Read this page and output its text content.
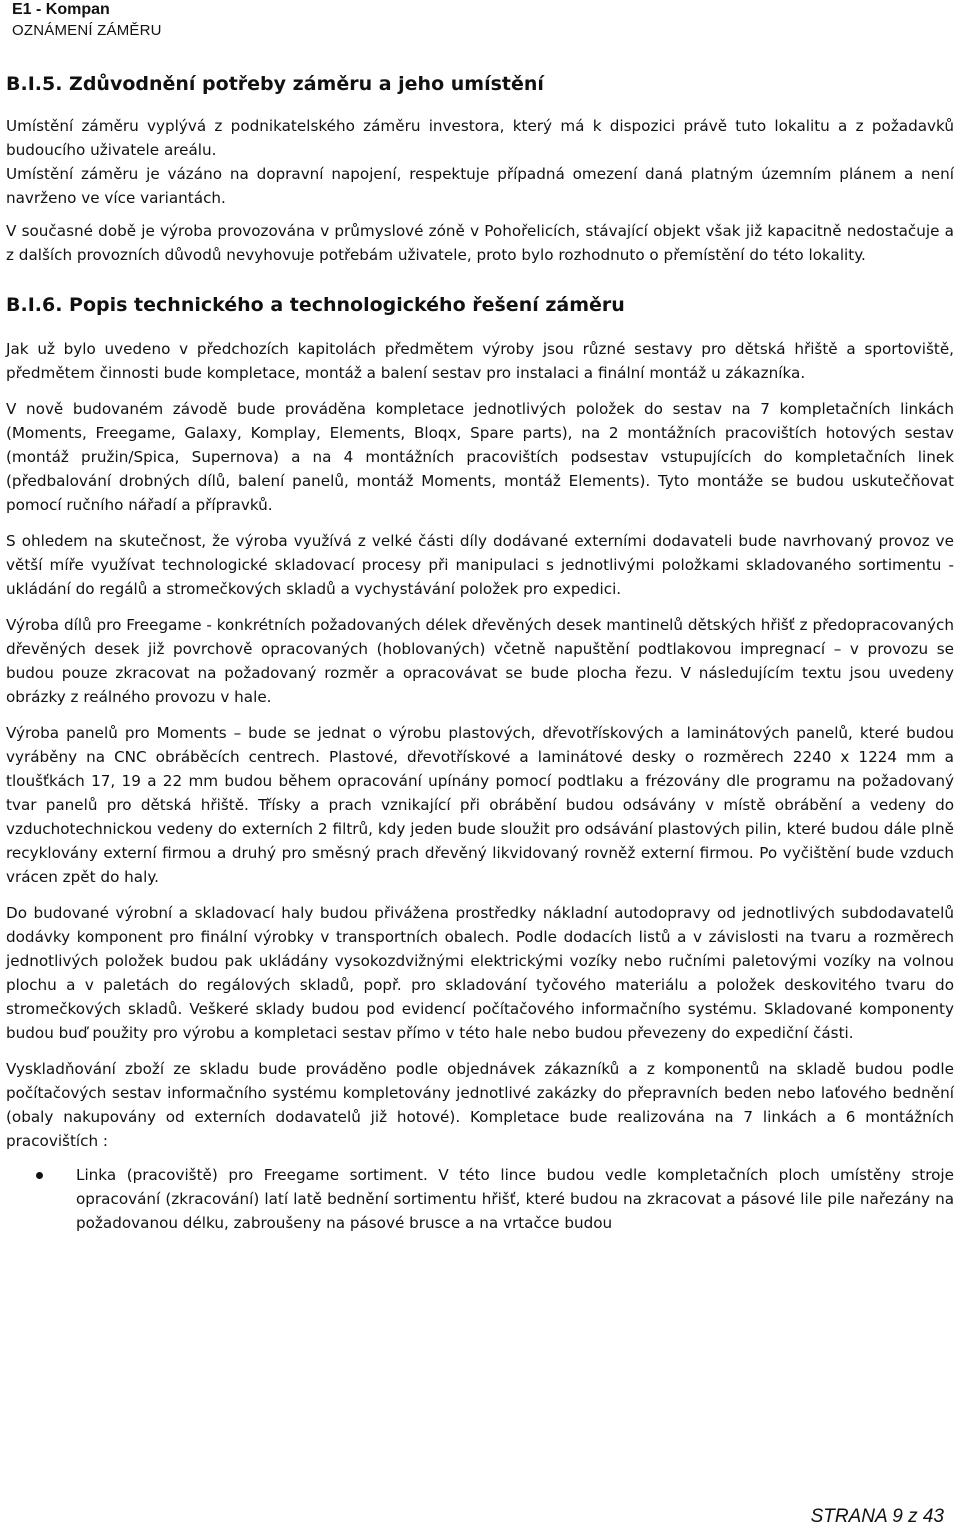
E1 - Kompan
OZNÁMENÍ ZÁMĚRU
B.I.5. Zdůvodnění potřeby záměru a jeho umístění

Umístění záměru vyplývá z podnikatelského záměru investora, který má k dispozici právě tuto lokalitu a z požadavků budoucího uživatele areálu.

Umístění záměru je vázáno na dopravní napojení, respektuje případná omezení daná platným územním plánem a není navrženo ve více variantách.

V současné době je výroba provozována v průmyslové zóně v Pohořelicích, stávající objekt však již kapacitně nedostačuje a z dalších provozních důvodů nevyhovuje potřebám uživatele, proto bylo rozhodnuto o přemístění do této lokality.

B.I.6. Popis technického a technologického řešení záměru

Jak už bylo uvedeno v předchozích kapitolách předmětem výroby jsou různé sestavy pro dětská hřiště a sportoviště, předmětem činnosti bude kompletace, montáž a balení sestav pro instalaci a finální montáž u zákazníka.

V nově budovaném závodě bude prováděna kompletace jednotlivých položek do sestav na 7 kompletačních linkách (Moments, Freegame, Galaxy, Komplay, Elements, Bloqx, Spare parts), na 2 montážních pracovištích hotových sestav (montáž pružin/Spica, Supernova) a na 4 montážních pracovištích podsestav vstupujících do kompletačních linek (předbalování drobných dílů, balení panelů, montáž Moments, montáž Elements). Tyto montáže se budou uskutečňovat pomocí ručního nářadí a přípravků.

S ohledem na skutečnost, že výroba využívá z velké části díly dodávané externími dodavateli bude navrhovaný provoz ve větší míře využívat technologické skladovací procesy při manipulaci s jednotlivými položkami skladovaného sortimentu - ukládání do regálů a stromečkových skladů a vychystávání položek pro expedici.

Výroba dílů pro Freegame - konkrétních požadovaných délek dřevěných desek mantinelů dětských hřišť z předopracovaných dřevěných desek již povrchově opracovaných (hoblovaných) včetně napuštění podtlakovou impregnací – v provozu se budou pouze zkracovat na požadovaný rozměr a opracovávat se bude plocha řezu. V následujícím textu jsou uvedeny obrázky z reálného provozu v hale.

Výroba panelů pro Moments – bude se jednat o výrobu plastových, dřevotřískových a laminátových panelů, které budou vyráběny na CNC obráběcích centrech. Plastové, dřevotřískové a laminátové desky o rozměrech 2240 x 1224 mm a tloušťkách 17, 19 a 22 mm budou během opracování upínány pomocí podtlaku a frézovány dle programu na požadovaný tvar panelů pro dětská hřiště. Třísky a prach vznikající při obrábění budou odsávány v místě obrábění a vedeny do vzduchotechnickou vedeny do externích 2 filtrů, kdy jeden bude sloužit pro odsávání plastových pilin, které budou dále plně recyklovány externí firmou a druhý pro směsný prach dřevěný likvidovaný rovněž externí firmou. Po vyčištění bude vzduch vrácen zpět do haly.

Do budované výrobní a skladovací haly budou přivážena prostředky nákladní autodopravy od jednotlivých subdodavatelů dodávky komponent pro finální výrobky v transportních obalech. Podle dodacích listů a v závislosti na tvaru a rozměrech jednotlivých položek budou pak ukládány vysokozdvižnými elektrickými vozíky nebo ručními paletovými vozíky na volnou plochu a v paletách do regálových skladů, popř. pro skladování tyčového materiálu a položek deskovitého tvaru do stromečkových skladů. Veškeré sklady budou pod evidencí počítačového informačního systému. Skladované komponenty budou buď použity pro výrobu a kompletaci sestav přímo v této hale nebo budou převezeny do expediční části.

Vyskladňování zboží ze skladu bude prováděno podle objednávek zákazníků a z komponentů na skladě budou podle počítačových sestav informačního systému kompletovány jednotlivé zakázky do přepravních beden nebo laťového bednění (obaly nakupovány od externích dodavatelů již hotové). Kompletace bude realizována na 7 linkách a 6 montážních pracovištích :

Linka (pracoviště) pro Freegame sortiment. V této lince budou vedle kompletačních ploch umístěny stroje opracování (zkracování) latí latě bednění sortimentu hřišť, které budou na zkracovat a pásové lile pile nařezány na požadovanou délku, zabroušeny na pásové brusce a na vrtačce budou

STRANA 9 z 43
